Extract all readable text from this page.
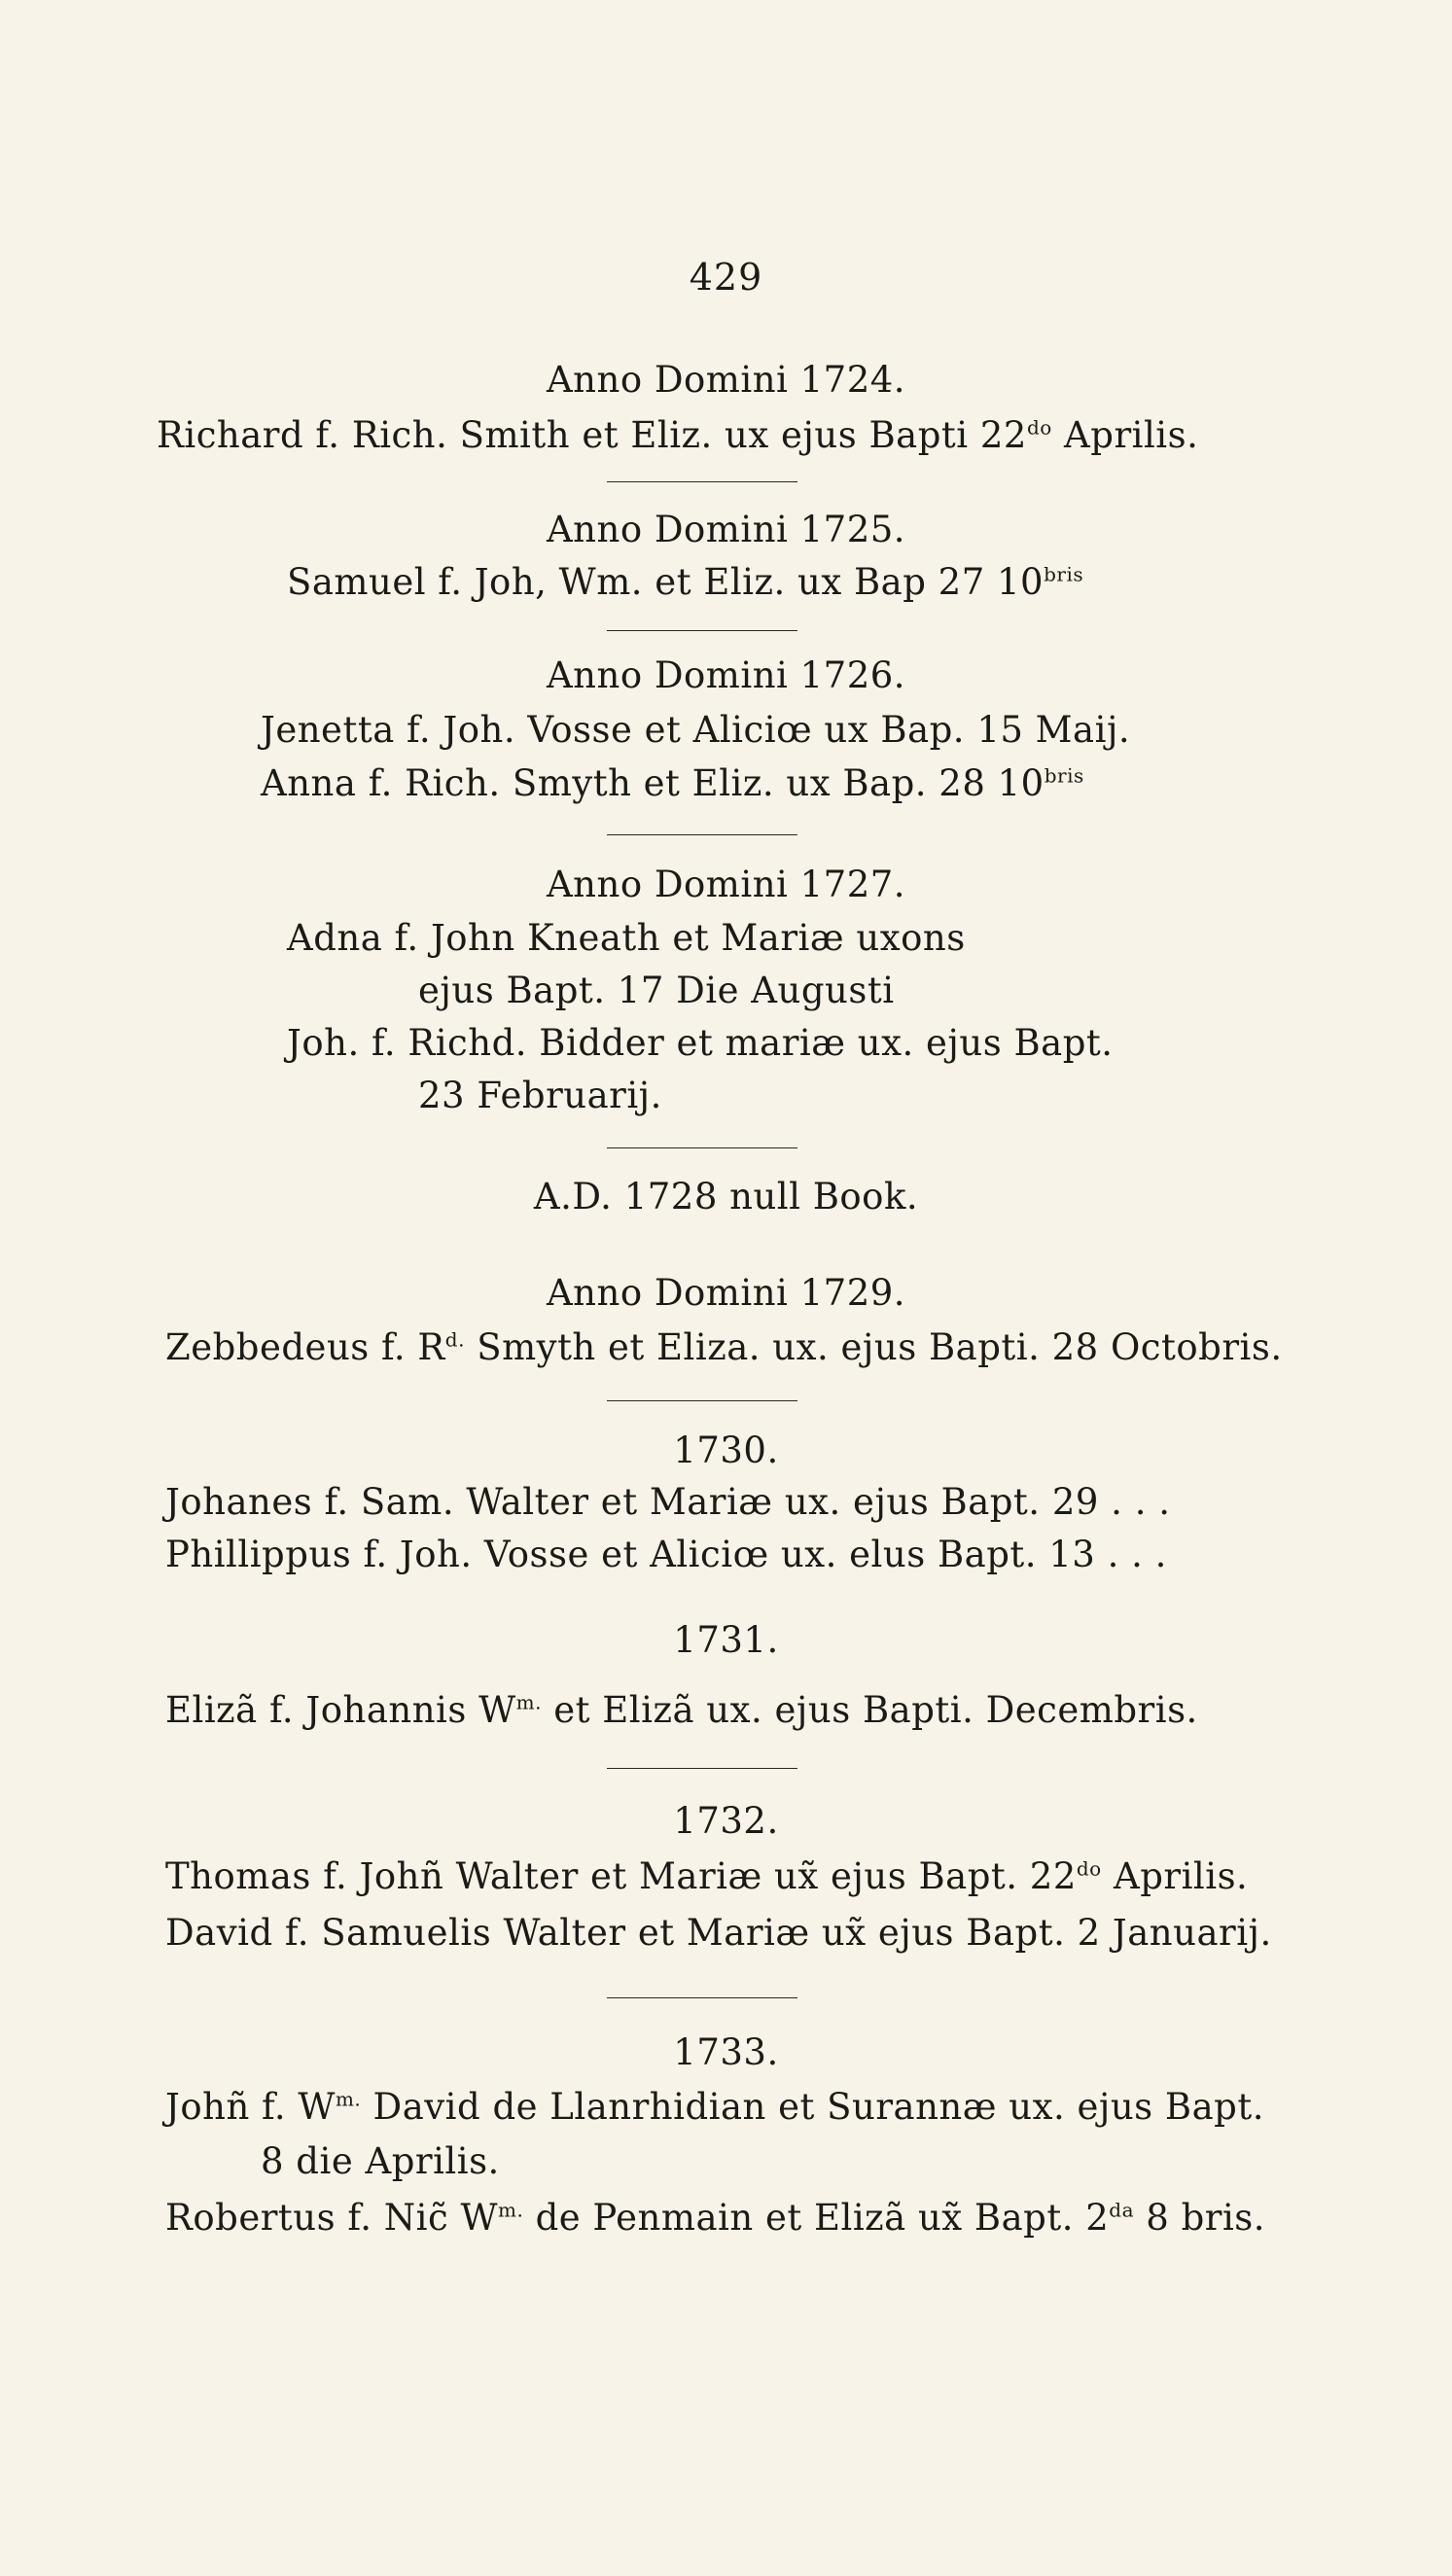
429
Anno Domini 1724.
Richard f. Rich. Smith et Eliz. ux ejus Bapti $22^{do}$ Aprilis.
Anno Domini 1725.
Samuel f. Joh, Wm. et Eliz. ux Bap 27 $10^{bris}$
Anno Domini 1726.
Jenetta f. Joh. Vosse et Aliciœ ux Bap. 15 Maij.
Anna f. Rich. Smyth et Eliz. ux Bap. 28 $10^{bris}$
Anno Domini 1727.
Adna f. John Kneath et Mariæ uxons
ejus Bapt. 17 Die Augusti
Joh. f. Richd. Bidder et mariæ ux. ejus Bapt.
23 Februarij.
A.D. 1728 null Book.
Anno Domini 1729.
Zebbedeus f. $R^{d.}$ Smyth et Eliza. ux. ejus Bapti. 28 Octobris.
1730.
Johanes f. Sam. Walter et Mariæ ux. ejus Bapt. 29 . . .
Phillippus f. Joh. Vosse et Aliciœ ux. elus Bapt. 13 . . .
1731.
Elizã f. Johannis $W^{m.}$ et Elizã ux. ejus Bapti. Decembris.
1732.
Thomas f. Johñ Walter et Mariæ ux̃ ejus Bapt. $22^{do}$ Aprilis.
David f. Samuelis Walter et Mariæ ux̃ ejus Bapt. 2 Januarij.
1733.
Johñ f. $W^{m.}$ David de Llanrhidian et Surannæ ux. ejus Bapt.
8 die Aprilis.
Robertus f. Nic̃ $W^{m.}$ de Penmain et Elizã ux̃ Bapt. $2^{da}$ 8 bris.
